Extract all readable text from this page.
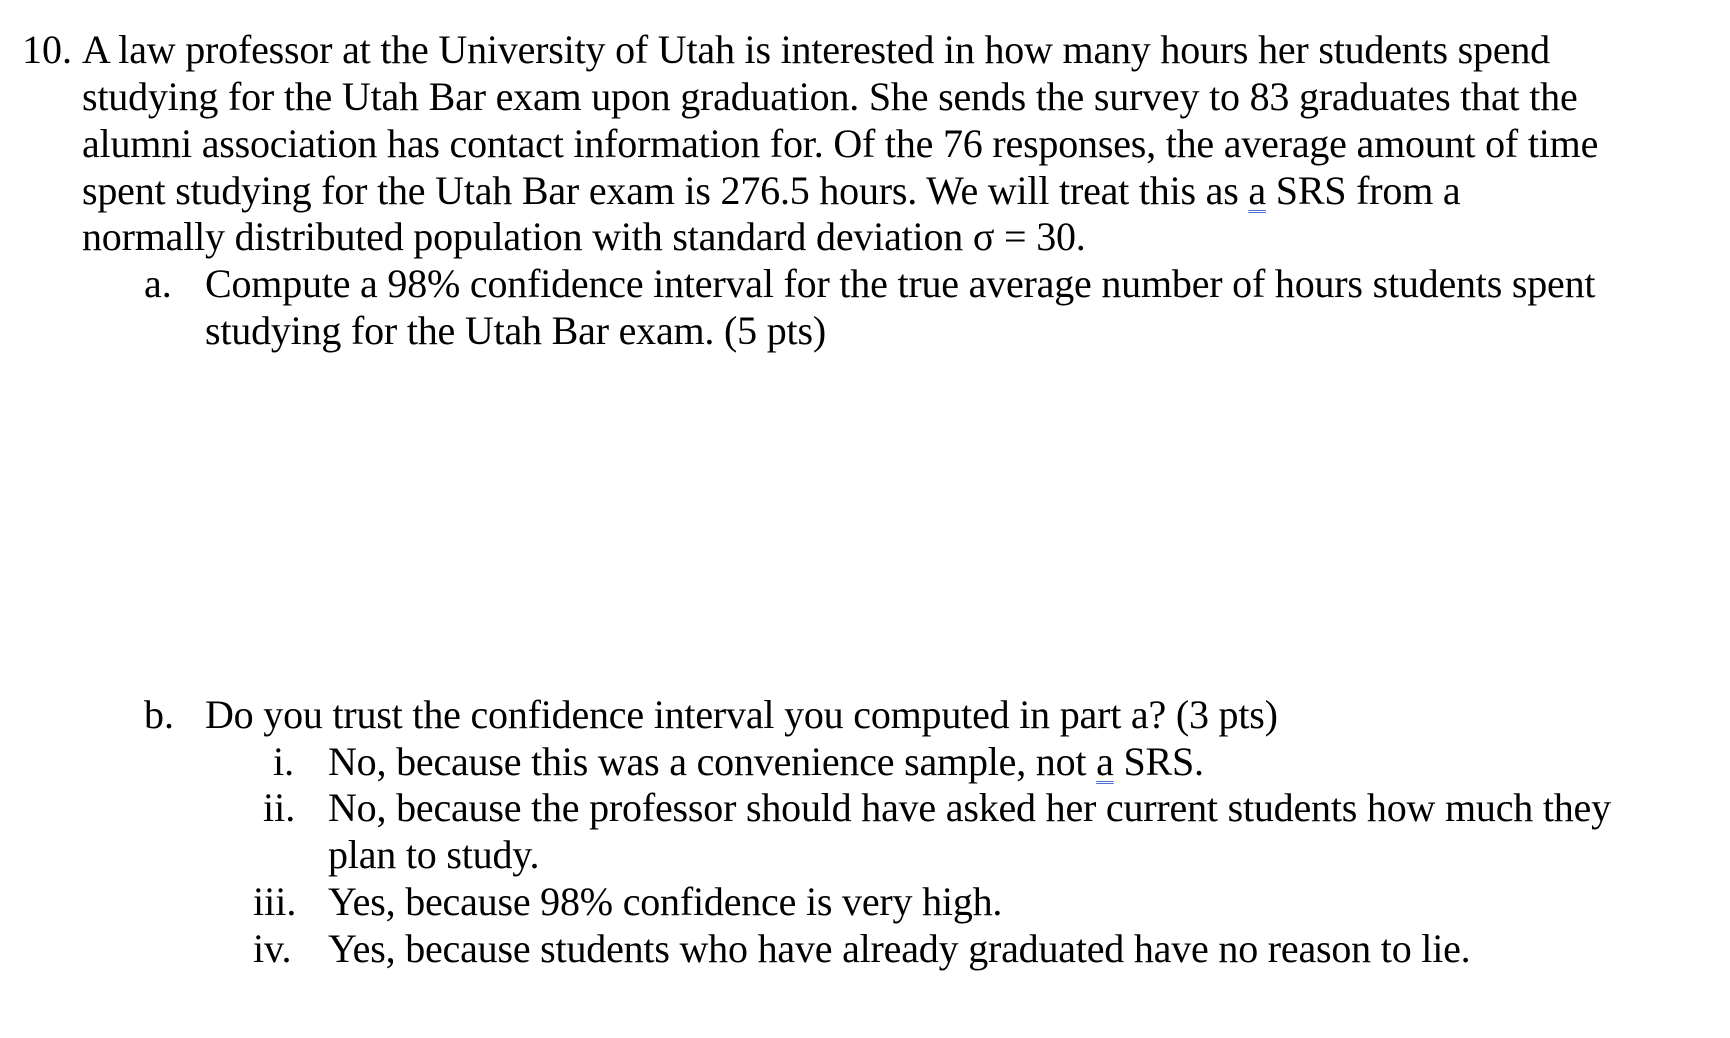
10. A law professor at the University of Utah is interested in how many hours her students spend
studying for the Utah Bar exam upon graduation. She sends the survey to 83 graduates that the
alumni association has contact information for. Of the 76 responses, the average amount of time
spent studying for the Utah Bar exam is 276.5 hours. We will treat this as a SRS from a
normally distributed population with standard deviation σ = 30.
a. Compute a 98% confidence interval for the true average number of hours students spent
studying for the Utah Bar exam. (5 pts)
b. Do you trust the confidence interval you computed in part a? (3 pts)
i. No, because this was a convenience sample, not a SRS.
ii. No, because the professor should have asked her current students how much they
plan to study.
iii. Yes, because 98% confidence is very high.
iv. Yes, because students who have already graduated have no reason to lie.
